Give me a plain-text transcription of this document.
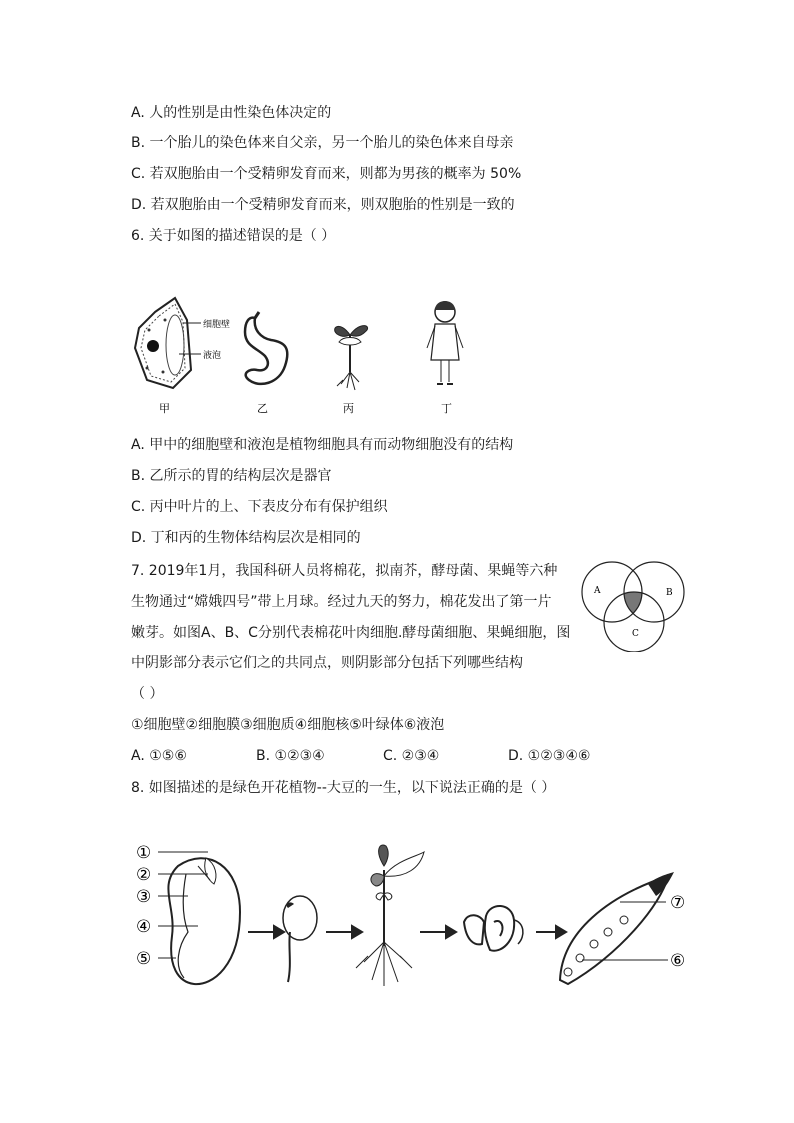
A. 人的性别是由性染色体决定的
B. 一个胎儿的染色体来自父亲，另一个胎儿的染色体来自母亲
C. 若双胞胎由一个受精卵发育而来，则都为男孩的概率为 50%
D. 若双胞胎由一个受精卵发育而来，则双胞胎的性别是一致的
6. 关于如图的描述错误的是（ ）
细胞壁
液泡
甲	乙	丙	丁
A. 甲中的细胞壁和液泡是植物细胞具有而动物细胞没有的结构
B. 乙所示的胃的结构层次是器官
C. 丙中叶片的上、下表皮分布有保护组织
D. 丁和丙的生物体结构层次是相同的
7. 2019年1月，我国科研人员将棉花，拟南芥，酵母菌、果蝇等六种
生物通过“嫦娥四号”带上月球。经过九天的努力，棉花发出了第一片
嫩芽。如图A、B、C分别代表棉花叶肉细胞.酵母菌细胞、果蝇细胞，图
中阴影部分表示它们之的共同点，则阴影部分包括下列哪些结构
（ ）
A	B
C
①细胞壁②细胞膜③细胞质④细胞核⑤叶绿体⑥液泡
A. ①⑤⑥	B. ①②③④	C. ②③④	D. ①②③④⑥
8. 如图描述的是绿色开花植物--大豆的一生，以下说法正确的是（ ）
①
②
③
④
⑤
⑦
⑥
